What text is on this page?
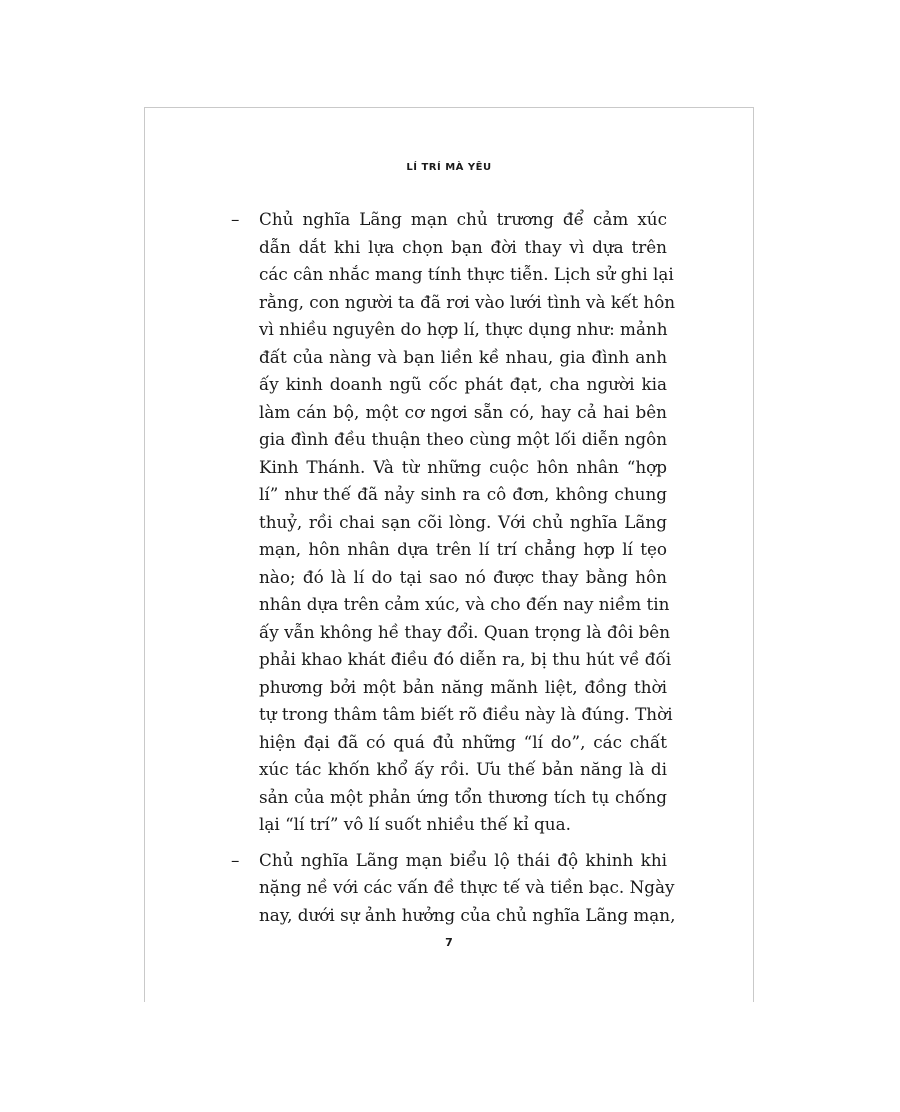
LÍ TRÍ MÀ YÊU
– Chủ nghĩa Lãng mạn chủ trương để cảm xúc
dẫn dắt khi lựa chọn bạn đời thay vì dựa trên
các cân nhắc mang tính thực tiễn. Lịch sử ghi lại
rằng, con người ta đã rơi vào lưới tình và kết hôn
vì nhiều nguyên do hợp lí, thực dụng như: mảnh
đất của nàng và bạn liền kề nhau, gia đình anh
ấy kinh doanh ngũ cốc phát đạt, cha người kia
làm cán bộ, một cơ ngơi sẵn có, hay cả hai bên
gia đình đều thuận theo cùng một lối diễn ngôn
Kinh Thánh. Và từ những cuộc hôn nhân “hợp
lí” như thế đã nảy sinh ra cô đơn, không chung
thuỷ, rồi chai sạn cõi lòng. Với chủ nghĩa Lãng
mạn, hôn nhân dựa trên lí trí chẳng hợp lí tẹo
nào; đó là lí do tại sao nó được thay bằng hôn
nhân dựa trên cảm xúc, và cho đến nay niềm tin
ấy vẫn không hề thay đổi. Quan trọng là đôi bên
phải khao khát điều đó diễn ra, bị thu hút về đối
phương bởi một bản năng mãnh liệt, đồng thời
tự trong thâm tâm biết rõ điều này là đúng. Thời
hiện đại đã có quá đủ những “lí do”, các chất
xúc tác khốn khổ ấy rồi. Ưu thế bản năng là di
sản của một phản ứng tổn thương tích tụ chống
lại “lí trí” vô lí suốt nhiều thế kỉ qua.
– Chủ nghĩa Lãng mạn biểu lộ thái độ khinh khi
nặng nề với các vấn đề thực tế và tiền bạc. Ngày
nay, dưới sự ảnh hưởng của chủ nghĩa Lãng mạn,
7
